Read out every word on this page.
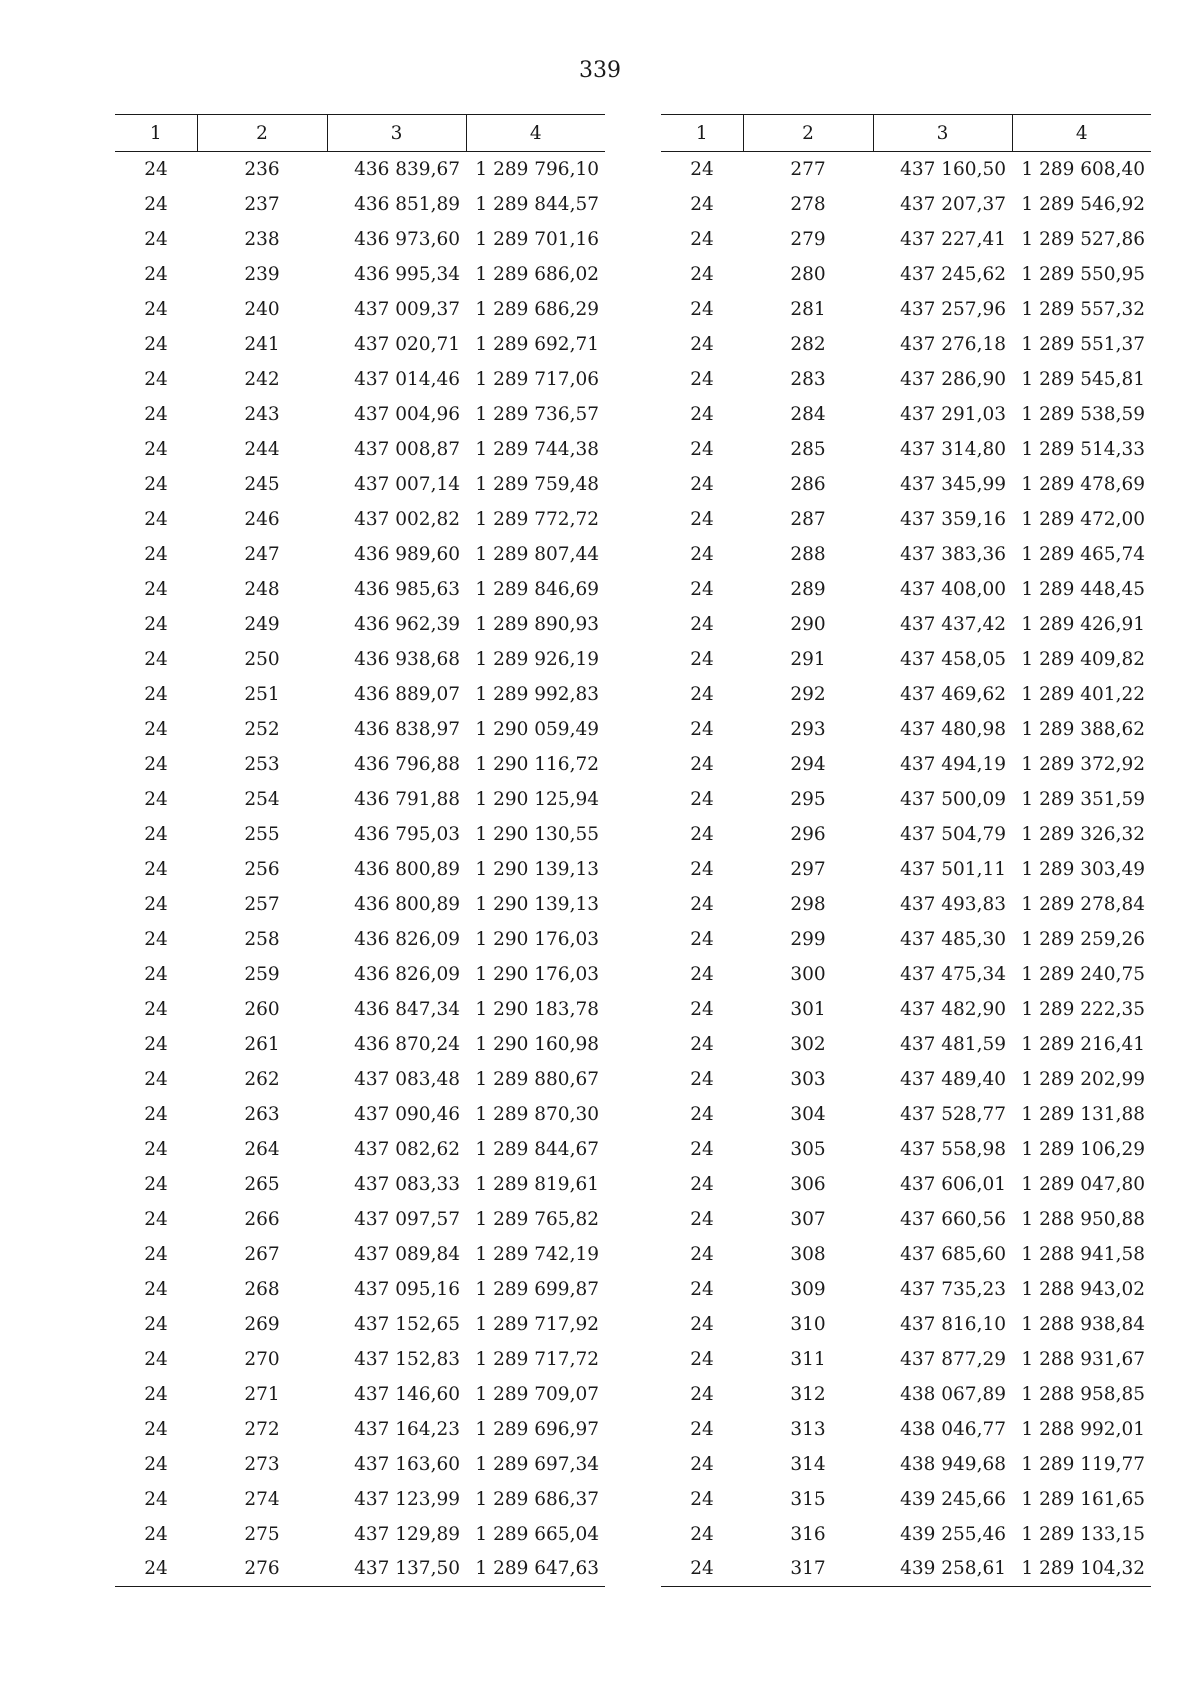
339
1	2	3	4
24	236	436 839,67	1 289 796,10
24	237	436 851,89	1 289 844,57
24	238	436 973,60	1 289 701,16
24	239	436 995,34	1 289 686,02
24	240	437 009,37	1 289 686,29
24	241	437 020,71	1 289 692,71
24	242	437 014,46	1 289 717,06
24	243	437 004,96	1 289 736,57
24	244	437 008,87	1 289 744,38
24	245	437 007,14	1 289 759,48
24	246	437 002,82	1 289 772,72
24	247	436 989,60	1 289 807,44
24	248	436 985,63	1 289 846,69
24	249	436 962,39	1 289 890,93
24	250	436 938,68	1 289 926,19
24	251	436 889,07	1 289 992,83
24	252	436 838,97	1 290 059,49
24	253	436 796,88	1 290 116,72
24	254	436 791,88	1 290 125,94
24	255	436 795,03	1 290 130,55
24	256	436 800,89	1 290 139,13
24	257	436 800,89	1 290 139,13
24	258	436 826,09	1 290 176,03
24	259	436 826,09	1 290 176,03
24	260	436 847,34	1 290 183,78
24	261	436 870,24	1 290 160,98
24	262	437 083,48	1 289 880,67
24	263	437 090,46	1 289 870,30
24	264	437 082,62	1 289 844,67
24	265	437 083,33	1 289 819,61
24	266	437 097,57	1 289 765,82
24	267	437 089,84	1 289 742,19
24	268	437 095,16	1 289 699,87
24	269	437 152,65	1 289 717,92
24	270	437 152,83	1 289 717,72
24	271	437 146,60	1 289 709,07
24	272	437 164,23	1 289 696,97
24	273	437 163,60	1 289 697,34
24	274	437 123,99	1 289 686,37
24	275	437 129,89	1 289 665,04
24	276	437 137,50	1 289 647,63
1	2	3	4
24	277	437 160,50	1 289 608,40
24	278	437 207,37	1 289 546,92
24	279	437 227,41	1 289 527,86
24	280	437 245,62	1 289 550,95
24	281	437 257,96	1 289 557,32
24	282	437 276,18	1 289 551,37
24	283	437 286,90	1 289 545,81
24	284	437 291,03	1 289 538,59
24	285	437 314,80	1 289 514,33
24	286	437 345,99	1 289 478,69
24	287	437 359,16	1 289 472,00
24	288	437 383,36	1 289 465,74
24	289	437 408,00	1 289 448,45
24	290	437 437,42	1 289 426,91
24	291	437 458,05	1 289 409,82
24	292	437 469,62	1 289 401,22
24	293	437 480,98	1 289 388,62
24	294	437 494,19	1 289 372,92
24	295	437 500,09	1 289 351,59
24	296	437 504,79	1 289 326,32
24	297	437 501,11	1 289 303,49
24	298	437 493,83	1 289 278,84
24	299	437 485,30	1 289 259,26
24	300	437 475,34	1 289 240,75
24	301	437 482,90	1 289 222,35
24	302	437 481,59	1 289 216,41
24	303	437 489,40	1 289 202,99
24	304	437 528,77	1 289 131,88
24	305	437 558,98	1 289 106,29
24	306	437 606,01	1 289 047,80
24	307	437 660,56	1 288 950,88
24	308	437 685,60	1 288 941,58
24	309	437 735,23	1 288 943,02
24	310	437 816,10	1 288 938,84
24	311	437 877,29	1 288 931,67
24	312	438 067,89	1 288 958,85
24	313	438 046,77	1 288 992,01
24	314	438 949,68	1 289 119,77
24	315	439 245,66	1 289 161,65
24	316	439 255,46	1 289 133,15
24	317	439 258,61	1 289 104,32
